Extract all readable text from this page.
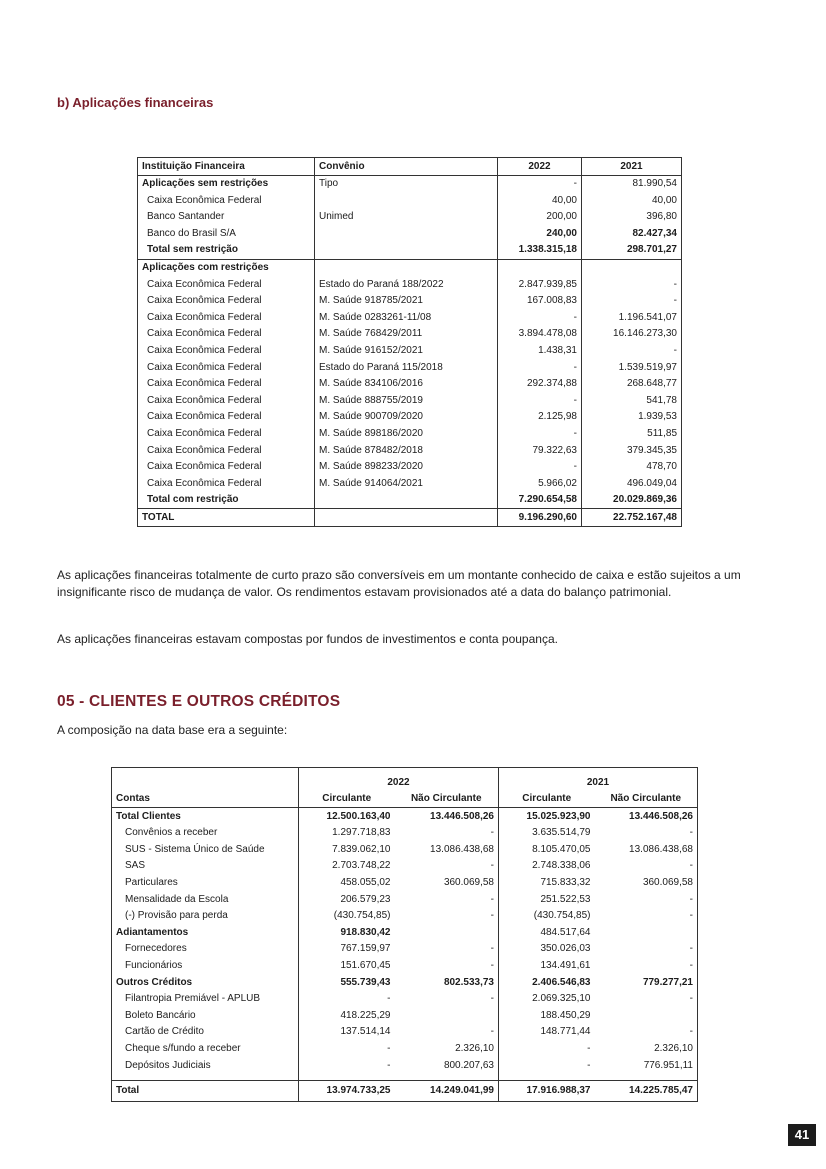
b) Aplicações financeiras
Instituição Financeira	Convênio	2022	2021
Aplicações sem restrições	Tipo	-	81.990,54
Caixa Econômica Federal		40,00	40,00
Banco Santander	Unimed	200,00	396,80
Banco do Brasil S/A		240,00	82.427,34
Total sem restrição		1.338.315,18	298.701,27
Aplicações com restrições			
Caixa Econômica Federal	Estado do Paraná 188/2022	2.847.939,85	-
Caixa Econômica Federal	M. Saúde 918785/2021	167.008,83	-
Caixa Econômica Federal	M. Saúde 0283261-11/08	-	1.196.541,07
Caixa Econômica Federal	M. Saúde 768429/2011	3.894.478,08	16.146.273,30
Caixa Econômica Federal	M. Saúde 916152/2021	1.438,31	-
Caixa Econômica Federal	Estado do Paraná 115/2018	-	1.539.519,97
Caixa Econômica Federal	M. Saúde 834106/2016	292.374,88	268.648,77
Caixa Econômica Federal	M. Saúde 888755/2019	-	541,78
Caixa Econômica Federal	M. Saúde 900709/2020	2.125,98	1.939,53
Caixa Econômica Federal	M. Saúde 898186/2020	-	511,85
Caixa Econômica Federal	M. Saúde 878482/2018	79.322,63	379.345,35
Caixa Econômica Federal	M. Saúde 898233/2020	-	478,70
Caixa Econômica Federal	M. Saúde 914064/2021	5.966,02	496.049,04
Total com restrição		7.290.654,58	20.029.869,36
TOTAL		9.196.290,60	22.752.167,48
As aplicações financeiras totalmente de curto prazo são conversíveis em um montante conhecido de caixa e estão sujeitos a um insignificante risco de mudança de valor. Os rendimentos estavam provisionados até a data do balanço patrimonial.
As aplicações financeiras estavam compostas por fundos de investimentos e conta poupança.
05 - CLIENTES E OUTROS CRÉDITOS
A composição na data base era a seguinte:
	2022		2021	
Contas	Circulante	Não Circulante	Circulante	Não Circulante
Total Clientes	12.500.163,40	13.446.508,26	15.025.923,90	13.446.508,26
Convênios a receber	1.297.718,83	-	3.635.514,79	-
SUS - Sistema Único de Saúde	7.839.062,10	13.086.438,68	8.105.470,05	13.086.438,68
SAS	2.703.748,22	-	2.748.338,06	-
Particulares	458.055,02	360.069,58	715.833,32	360.069,58
Mensalidade da Escola	206.579,23	-	251.522,53	-
(-) Provisão para perda	(430.754,85)	-	(430.754,85)	-
Adiantamentos	918.830,42		484.517,64	
Fornecedores	767.159,97	-	350.026,03	-
Funcionários	151.670,45	-	134.491,61	-
Outros Créditos	555.739,43	802.533,73	2.406.546,83	779.277,21
Filantropia Premiável - APLUB	-	-	2.069.325,10	-
Boleto Bancário	418.225,29		188.450,29	
Cartão de Crédito	137.514,14	-	148.771,44	-
Cheque s/fundo a receber	-	2.326,10	-	2.326,10
Depósitos Judiciais	-	800.207,63	-	776.951,11

Total	13.974.733,25	14.249.041,99	17.916.988,37	14.225.785,47
41
